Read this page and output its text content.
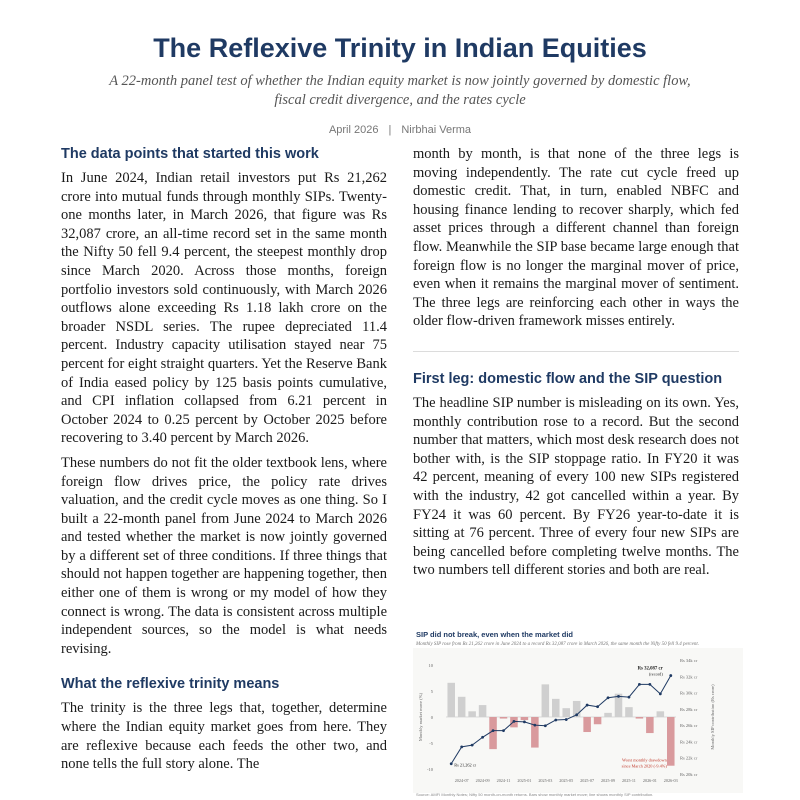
The Reflexive Trinity in Indian Equities
A 22-month panel test of whether the Indian equity market is now jointly governed by domestic flow, fiscal credit divergence, and the rates cycle
April 2026 | Nirbhai Verma
The data points that started this work

In June 2024, Indian retail investors put Rs 21,262 crore into mutual funds through monthly SIPs. Twenty-one months later, in March 2026, that figure was Rs 32,087 crore, an all-time record set in the same month the Nifty 50 fell 9.4 percent, the steepest monthly drop since March 2020. Across those months, foreign portfolio investors sold continuously, with March 2026 outflows alone exceeding Rs 1.18 lakh crore on the broader NSDL series. The rupee depreciated 11.4 percent. Industry capacity utilisation stayed near 75 percent for eight straight quarters. Yet the Reserve Bank of India eased policy by 125 basis points cumulative, and CPI inflation collapsed from 6.21 percent in October 2024 to 0.25 percent by October 2025 before recovering to 3.40 percent by March 2026.

These numbers do not fit the older textbook lens, where foreign flow drives price, the policy rate drives valuation, and the credit cycle moves as one thing. So I built a 22-month panel from June 2024 to March 2026 and tested whether the market is now jointly governed by a different set of three conditions. If three things that should not happen together are happening together, then either one of them is wrong or my model of how they connect is wrong. The data is consistent across multiple independent sources, so the model is what needs revising.

What the reflexive trinity means

The trinity is the three legs that, together, determine where the Indian equity market goes from here. They are reflexive because each feeds the other two, and none tells the full story alone. The

month by month, is that none of the three legs is moving independently. The rate cut cycle freed up domestic credit. That, in turn, enabled NBFC and housing finance lending to recover sharply, which fed asset prices through a different channel than foreign flow. Meanwhile the SIP base became large enough that foreign flow is no longer the marginal mover of price, even when it remains the marginal mover of sentiment. The three legs are reinforcing each other in ways the older flow-driven framework misses entirely.

First leg: domestic flow and the SIP question

The headline SIP number is misleading on its own. Yes, monthly contribution rose to a record. But the second number that matters, which most desk research does not bother with, is the SIP stoppage ratio. In FY20 it was 42 percent, meaning of every 100 new SIPs registered with the industry, 42 got cancelled within a year. By FY24 it was 60 percent. By FY26 year-to-date it is sitting at 76 percent. Three of every four new SIPs are being cancelled before completing twelve months. The two numbers tell different stories and both are real.

SIP did not break, even when the market did
Monthly SIP rose from Rs 21,262 crore in June 2024 to a record Rs 32,087 crore in March 2026, the same month the Nifty 50 fell 9.4 percent.
10
5
0
-5
-10
Rs 34k cr
Rs 32k cr
Rs 30k cr
Rs 28k cr
Rs 26k cr
Rs 24k cr
Rs 22k cr
Rs 20k cr
2024-07 2024-09 2024-11 2025-01 2025-03 2025-05 2025-07 2025-09 2025-11 2026-01 2026-03
Monthly market move (%)	Monthly SIP contribution (Rs crore)
Rs 32,087 cr
(record)
Rs 21,262 cr
Worst monthly drawdown
since March 2020 (-9.4%)
Source: AMFI Monthly Notes; Nifty 50 month-on-month returns. Bars show monthly market move; line shows monthly SIP contribution.
